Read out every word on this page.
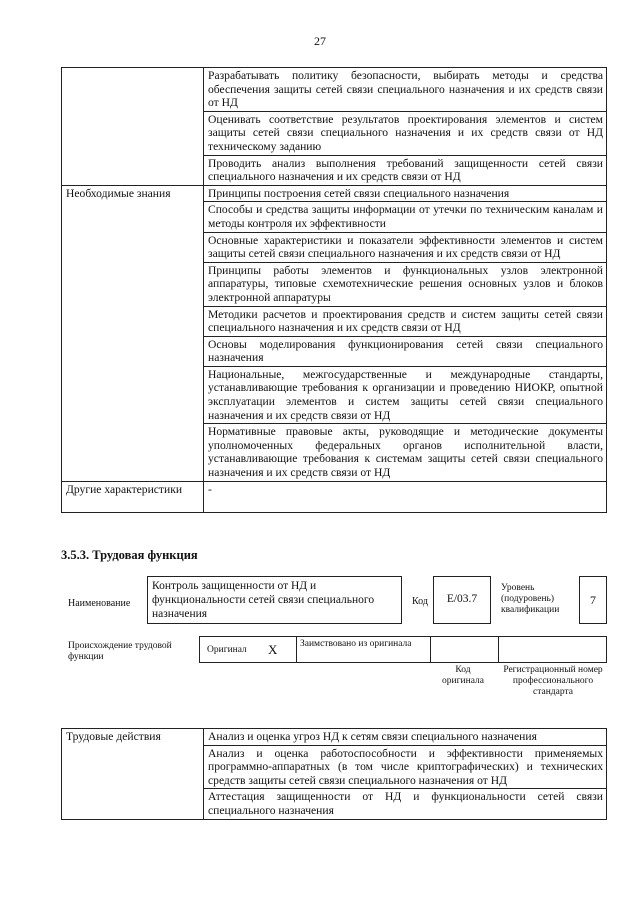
27
	Разрабатывать политику безопасности, выбирать методы и средства обеспечения защиты сетей связи специального назначения и их средств связи от НД
	Оценивать соответствие результатов проектирования элементов и систем защиты сетей связи специального назначения и их средств связи от НД техническому заданию
	Проводить анализ выполнения требований защищенности сетей связи специального назначения и их средств связи от НД
Необходимые знания	Принципы построения сетей связи специального назначения
	Способы и средства защиты информации от утечки по техническим каналам и методы контроля их эффективности
	Основные характеристики и показатели эффективности элементов и систем защиты сетей связи специального назначения и их средств связи от НД
	Принципы работы элементов и функциональных узлов электронной аппаратуры, типовые схемотехнические решения основных узлов и блоков электронной аппаратуры
	Методики расчетов и проектирования средств и систем защиты сетей связи специального назначения и их средств связи от НД
	Основы моделирования функционирования сетей связи специального назначения
	Национальные, межгосударственные и международные стандарты, устанавливающие требования к организации и проведению НИОКР, опытной эксплуатации элементов и систем защиты сетей связи специального назначения и их средств связи от НД
	Нормативные правовые акты, руководящие и методические документы уполномоченных федеральных органов исполнительной власти, устанавливающие требования к системам защиты сетей связи специального назначения и их средств связи от НД
Другие характеристики	-
3.5.3. Трудовая функция
Наименование
Контроль защищенности от НД и функциональности сетей связи специального назначения
Код	E/03.7
Уровень (подуровень) квалификации
7
Происхождение трудовой функции
Оригинал X Заимствовано из оригинала
Код оригинала
Регистрационный номер профессионального стандарта
Трудовые действия	Анализ и оценка угроз НД к сетям связи специального назначения
Анализ и оценка работоспособности и эффективности применяемых программно-аппаратных (в том числе криптографических) и технических средств защиты сетей связи специального назначения от НД
Аттестация защищенности от НД и функциональности сетей связи специального назначения
